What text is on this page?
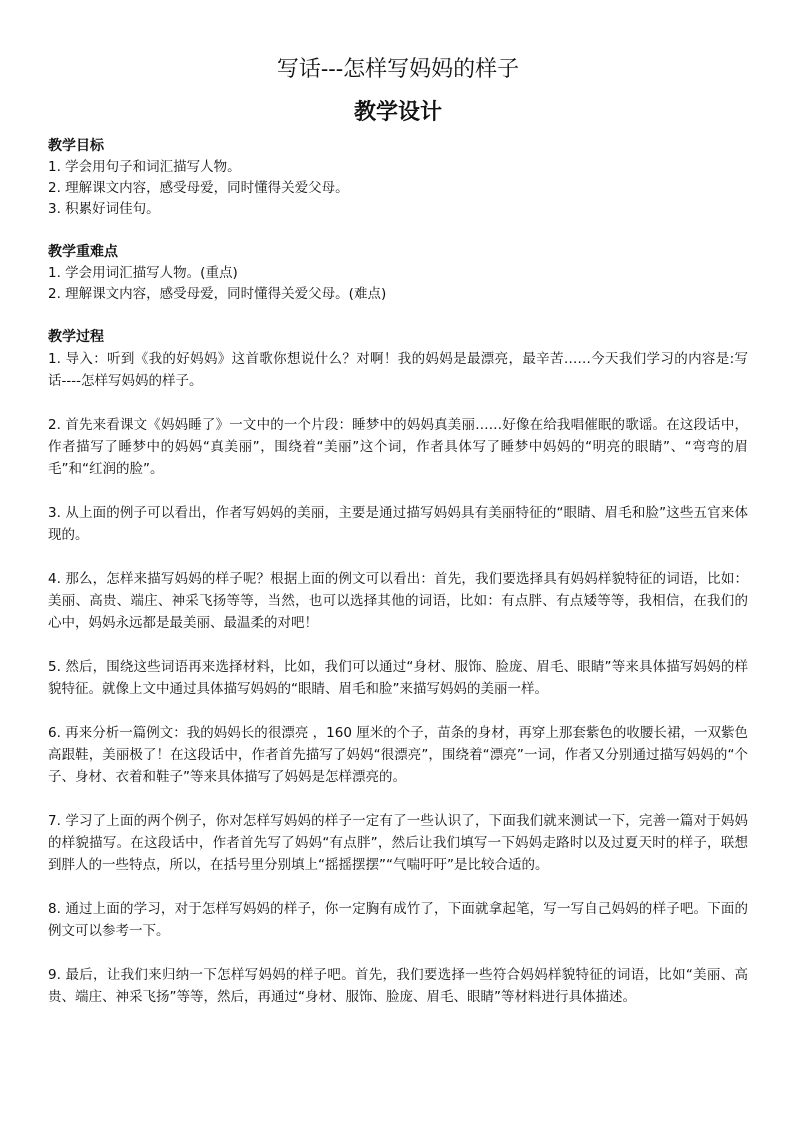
写话---怎样写妈妈的样子
教学设计

教学目标

1. 学会用句子和词汇描写人物。

2. 理解课文内容，感受母爱，同时懂得关爱父母。

3. 积累好词佳句。

教学重难点

1. 学会用词汇描写人物。(重点)

2. 理解课文内容，感受母爱，同时懂得关爱父母。(难点)

教学过程

1. 导入：听到《我的好妈妈》这首歌你想说什么？对啊！我的妈妈是最漂亮，最辛苦……今天我们学习的内容是:写话----怎样写妈妈的样子。

2. 首先来看课文《妈妈睡了》一文中的一个片段：睡梦中的妈妈真美丽……好像在给我唱催眠的歌谣。在这段话中，作者描写了睡梦中的妈妈“真美丽”，围绕着“美丽”这个词，作者具体写了睡梦中妈妈的“明亮的眼睛”、“弯弯的眉毛”和“红润的脸”。

3. 从上面的例子可以看出，作者写妈妈的美丽，主要是通过描写妈妈具有美丽特征的“眼睛、眉毛和脸”这些五官来体现的。

4. 那么，怎样来描写妈妈的样子呢？根据上面的例文可以看出：首先，我们要选择具有妈妈样貌特征的词语，比如：美丽、高贵、端庄、神采飞扬等等，当然，也可以选择其他的词语，比如：有点胖、有点矮等等，我相信，在我们的心中，妈妈永远都是最美丽、最温柔的对吧！

5. 然后，围绕这些词语再来选择材料，比如，我们可以通过“身材、服饰、脸庞、眉毛、眼睛”等来具体描写妈妈的样貌特征。就像上文中通过具体描写妈妈的“眼睛、眉毛和脸”来描写妈妈的美丽一样。

6. 再来分析一篇例文：我的妈妈长的很漂亮 ，160 厘米的个子，苗条的身材，再穿上那套紫色的收腰长裙，一双紫色高跟鞋，美丽极了！在这段话中，作者首先描写了妈妈“很漂亮”，围绕着“漂亮”一词，作者又分别通过描写妈妈的“个子、身材、衣着和鞋子”等来具体描写了妈妈是怎样漂亮的。

7. 学习了上面的两个例子，你对怎样写妈妈的样子一定有了一些认识了，下面我们就来测试一下，完善一篇对于妈妈的样貌描写。在这段话中，作者首先写了妈妈“有点胖”，然后让我们填写一下妈妈走路时以及过夏天时的样子，联想到胖人的一些特点，所以，在括号里分别填上“摇摇摆摆”“气喘吁吁”是比较合适的。

8. 通过上面的学习，对于怎样写妈妈的样子，你一定胸有成竹了，下面就拿起笔，写一写自己妈妈的样子吧。下面的例文可以参考一下。

9. 最后，让我们来归纳一下怎样写妈妈的样子吧。首先，我们要选择一些符合妈妈样貌特征的词语，比如“美丽、高贵、端庄、神采飞扬”等等，然后，再通过“身材、服饰、脸庞、眉毛、眼睛”等材料进行具体描述。
